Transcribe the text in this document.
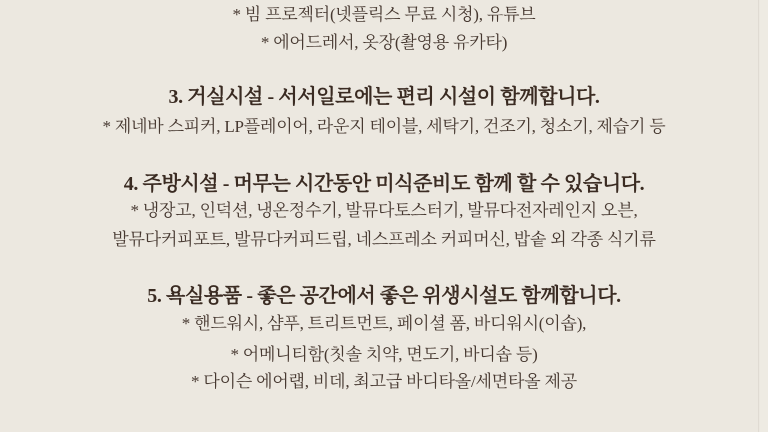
* 빔 프로젝터(넷플릭스 무료 시청), 유튜브
* 에어드레서, 옷장(촬영용 유카타)
3. 거실시설 - 서서일로에는 편리 시설이 함께합니다.
* 제네바 스피커, LP플레이어, 라운지 테이블, 세탁기, 건조기, 청소기, 제습기 등
4. 주방시설 - 머무는 시간동안 미식준비도 함께 할 수 있습니다.
* 냉장고, 인덕션, 냉온정수기, 발뮤다토스터기, 발뮤다전자레인지 오븐,
발뮤다커피포트, 발뮤다커피드립, 네스프레소 커피머신, 밥솥 외 각종 식기류
5. 욕실용품 - 좋은 공간에서 좋은 위생시설도 함께합니다.
* 핸드워시, 샴푸, 트리트먼트, 페이셜 폼, 바디워시(이솝),
* 어메니티함(칫솔 치약, 면도기, 바디솝 등)
* 다이슨 에어랩, 비데, 최고급 바디타올/세면타올 제공
